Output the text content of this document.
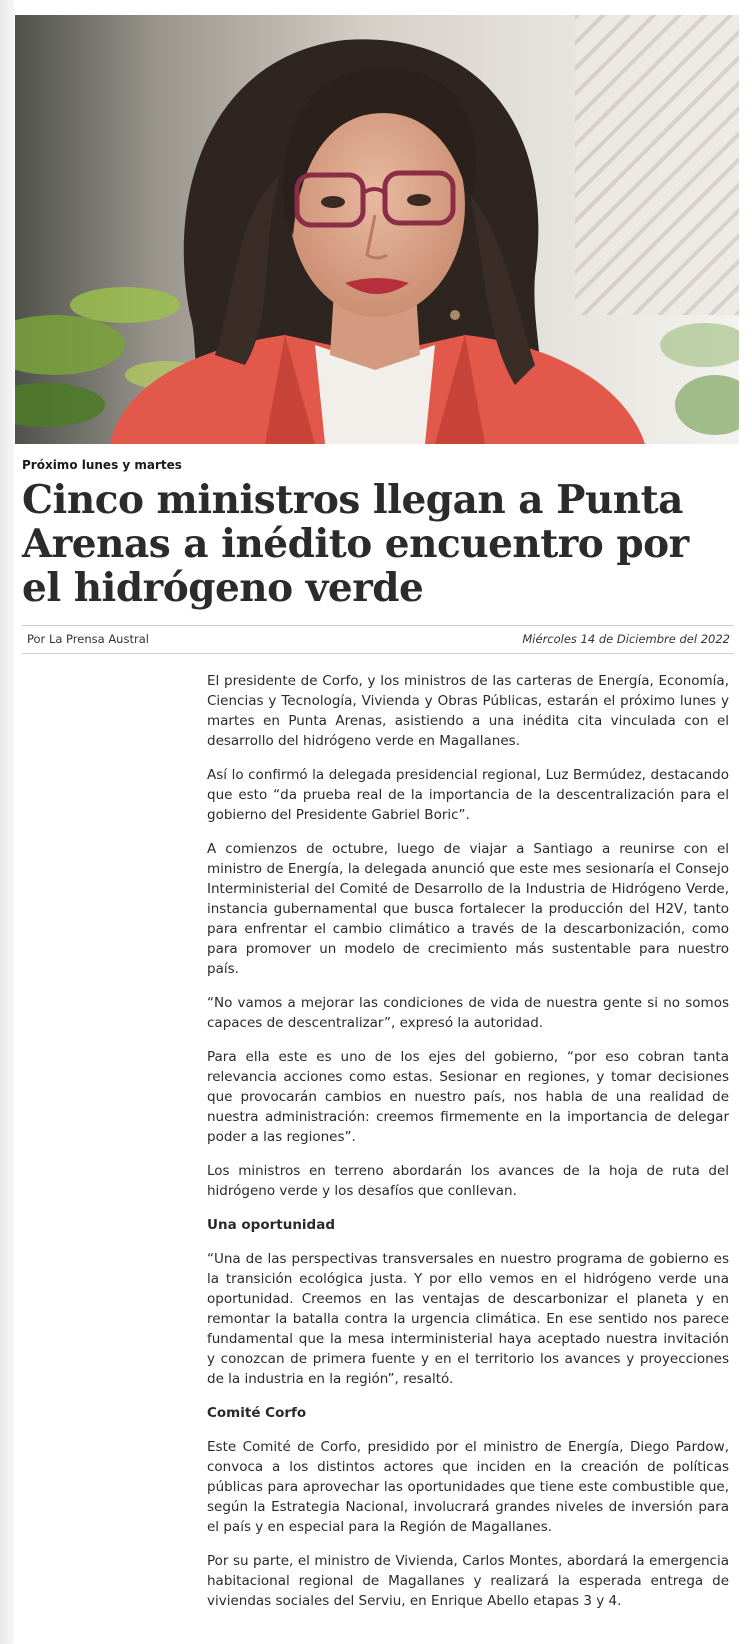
Próximo lunes y martes
Cinco ministros llegan a Punta Arenas a inédito encuentro por el hidrógeno verde
Por La Prensa Austral	Miércoles 14 de Diciembre del 2022

El presidente de Corfo, y los ministros de las carteras de Energía, Economía, Ciencias y Tecnología, Vivienda y Obras Públicas, estarán el próximo lunes y martes en Punta Arenas, asistiendo a una inédita cita vinculada con el desarrollo del hidrógeno verde en Magallanes.

Así lo confirmó la delegada presidencial regional, Luz Bermúdez, destacando que esto “da prueba real de la importancia de la descentralización para el gobierno del Presidente Gabriel Boric”.

A comienzos de octubre, luego de viajar a Santiago a reunirse con el ministro de Energía, la delegada anunció que este mes sesionaría el Consejo Interministerial del Comité de Desarrollo de la Industria de Hidrógeno Verde, instancia gubernamental que busca fortalecer la producción del H2V, tanto para enfrentar el cambio climático a través de la descarbonización, como para promover un modelo de crecimiento más sustentable para nuestro país.

“No vamos a mejorar las condiciones de vida de nuestra gente si no somos capaces de descentralizar”, expresó la autoridad.

Para ella este es uno de los ejes del gobierno, “por eso cobran tanta relevancia acciones como estas. Sesionar en regiones, y tomar decisiones que provocarán cambios en nuestro país, nos habla de una realidad de nuestra administración: creemos firmemente en la importancia de delegar poder a las regiones”.

Los ministros en terreno abordarán los avances de la hoja de ruta del hidrógeno verde y los desafíos que conllevan.

Una oportunidad

“Una de las perspectivas transversales en nuestro programa de gobierno es la transición ecológica justa. Y por ello vemos en el hidrógeno verde una oportunidad. Creemos en las ventajas de descarbonizar el planeta y en remontar la batalla contra la urgencia climática. En ese sentido nos parece fundamental que la mesa interministerial haya aceptado nuestra invitación y conozcan de primera fuente y en el territorio los avances y proyecciones de la industria en la región”, resaltó.

Comité Corfo

Este Comité de Corfo, presidido por el ministro de Energía, Diego Pardow, convoca a los distintos actores que inciden en la creación de políticas públicas para aprovechar las oportunidades que tiene este combustible que, según la Estrategia Nacional, involucrará grandes niveles de inversión para el país y en especial para la Región de Magallanes.

Por su parte, el ministro de Vivienda, Carlos Montes, abordará la emergencia habitacional regional de Magallanes y realizará la esperada entrega de viviendas sociales del Serviu, en Enrique Abello etapas 3 y 4.
